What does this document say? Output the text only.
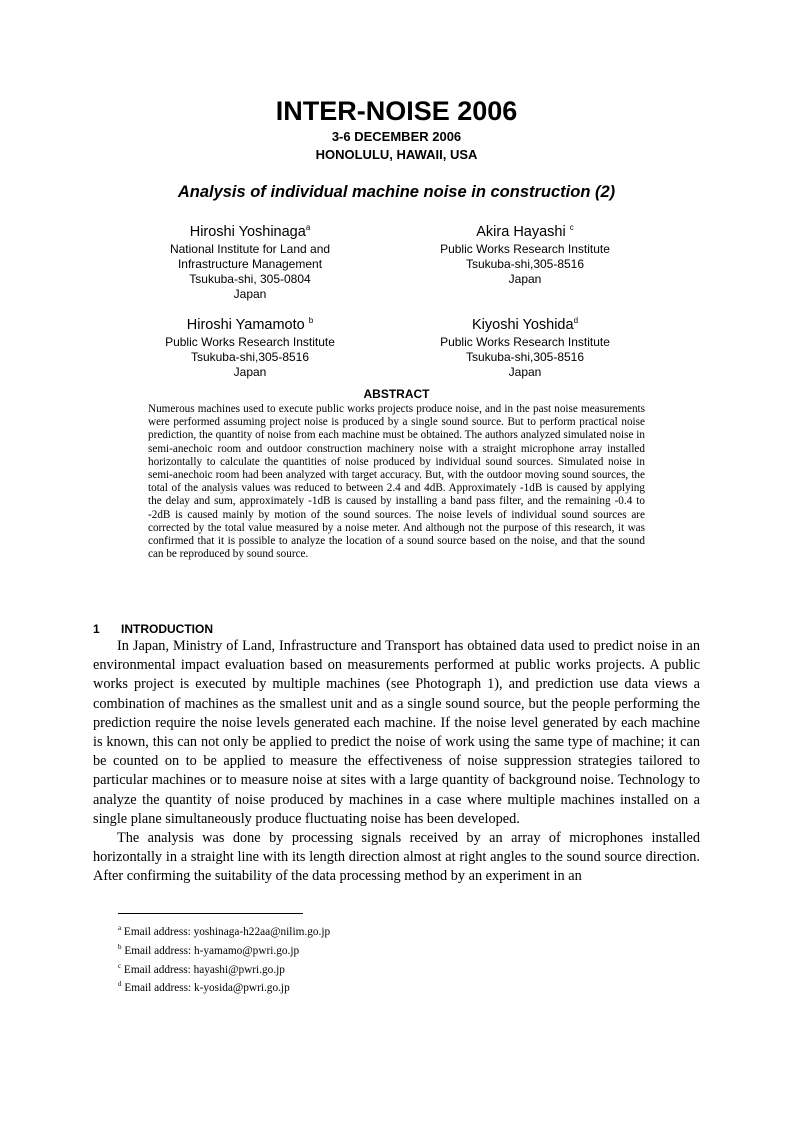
INTER-NOISE 2006
3-6 DECEMBER 2006
HONOLULU, HAWAII, USA
Analysis of individual machine noise in construction (2)
Hiroshi Yoshinaga$^a$
National Institute for Land and
Infrastructure Management
Tsukuba-shi, 305-0804
Japan
Akira Hayashi $^c$
Public Works Research Institute
Tsukuba-shi,305-8516
Japan
Hiroshi Yamamoto $^b$
Public Works Research Institute
Tsukuba-shi,305-8516
Japan
Kiyoshi Yoshida$^d$
Public Works Research Institute
Tsukuba-shi,305-8516
Japan
ABSTRACT
Numerous machines used to execute public works projects produce noise, and in the past noise measurements were performed assuming project noise is produced by a single sound source. But to perform practical noise prediction, the quantity of noise from each machine must be obtained. The authors analyzed simulated noise in semi-anechoic room and outdoor construction machinery noise with a straight microphone array installed horizontally to calculate the quantities of noise produced by individual sound sources. Simulated noise in semi-anechoic room had been analyzed with target accuracy. But, with the outdoor moving sound sources, the total of the analysis values was reduced to between 2.4 and 4dB. Approximately -1dB is caused by applying the delay and sum, approximately -1dB is caused by installing a band pass filter, and the remaining -0.4 to -2dB is caused mainly by motion of the sound sources. The noise levels of individual sound sources are corrected by the total value measured by a noise meter. And although not the purpose of this research, it was confirmed that it is possible to analyze the location of a sound source based on the noise, and that the sound can be reproduced by sound source.
1 INTRODUCTION

In Japan, Ministry of Land, Infrastructure and Transport has obtained data used to predict noise in an environmental impact evaluation based on measurements performed at public works projects. A public works project is executed by multiple machines (see Photograph 1), and prediction use data views a combination of machines as the smallest unit and as a single sound source, but the people performing the prediction require the noise levels generated each machine. If the noise level generated by each machine is known, this can not only be applied to predict the noise of work using the same type of machine; it can be counted on to be applied to measure the effectiveness of noise suppression strategies tailored to particular machines or to measure noise at sites with a large quantity of background noise. Technology to analyze the quantity of noise produced by machines in a case where multiple machines installed on a single plane simultaneously produce fluctuating noise has been developed.

The analysis was done by processing signals received by an array of microphones installed horizontally in a straight line with its length direction almost at right angles to the sound source direction. After confirming the suitability of the data processing method by an experiment in an

$^a$ Email address: yoshinaga-h22aa@nilim.go.jp
$^b$ Email address: h-yamamo@pwri.go.jp
$^c$ Email address: hayashi@pwri.go.jp
$^d$ Email address: k-yosida@pwri.go.jp
